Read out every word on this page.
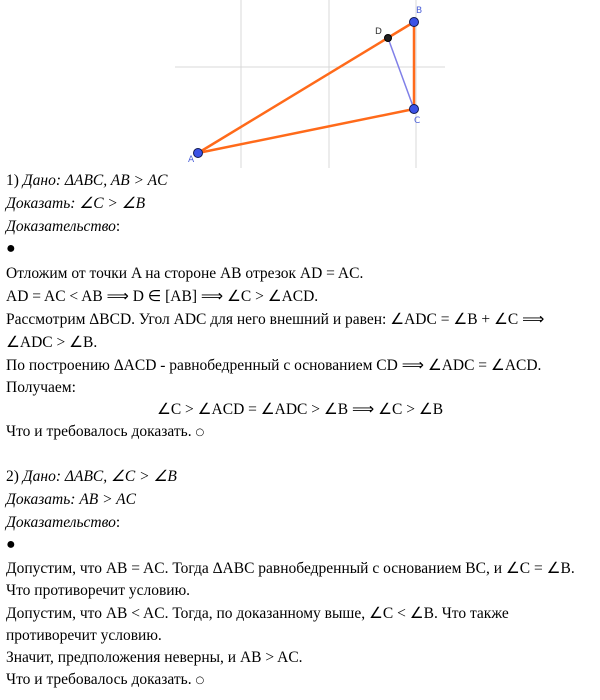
A
B
C
D
1) Дано: ΔABC, AB > AC
Доказать: ∠C > ∠B
Доказательство:
●
Отложим от точки A на стороне AB отрезок AD = AC.
AD = AC < AB ⟹ D ∈ [AB] ⟹ ∠C > ∠ACD.
Рассмотрим ΔBCD. Угол ADC для него внешний и равен: ∠ADC = ∠B + ∠C ⟹
∠ADC > ∠B.
По построению ΔACD - равнобедренный с основанием CD ⟹ ∠ADC = ∠ACD.
Получаем:
∠C > ∠ACD = ∠ADC > ∠B ⟹ ∠C > ∠B
Что и требовалось доказать. ○
2) Дано: ΔABC, ∠C > ∠B
Доказать: AB > AC
Доказательство:
●
Допустим, что AB = AC. Тогда ΔABC равнобедренный с основанием BC, и ∠C = ∠B.
Что противоречит условию.
Допустим, что AB < AC. Тогда, по доказанному выше, ∠C < ∠B. Что также
противоречит условию.
Значит, предположения неверны, и AB > AC.
Что и требовалось доказать. ○
